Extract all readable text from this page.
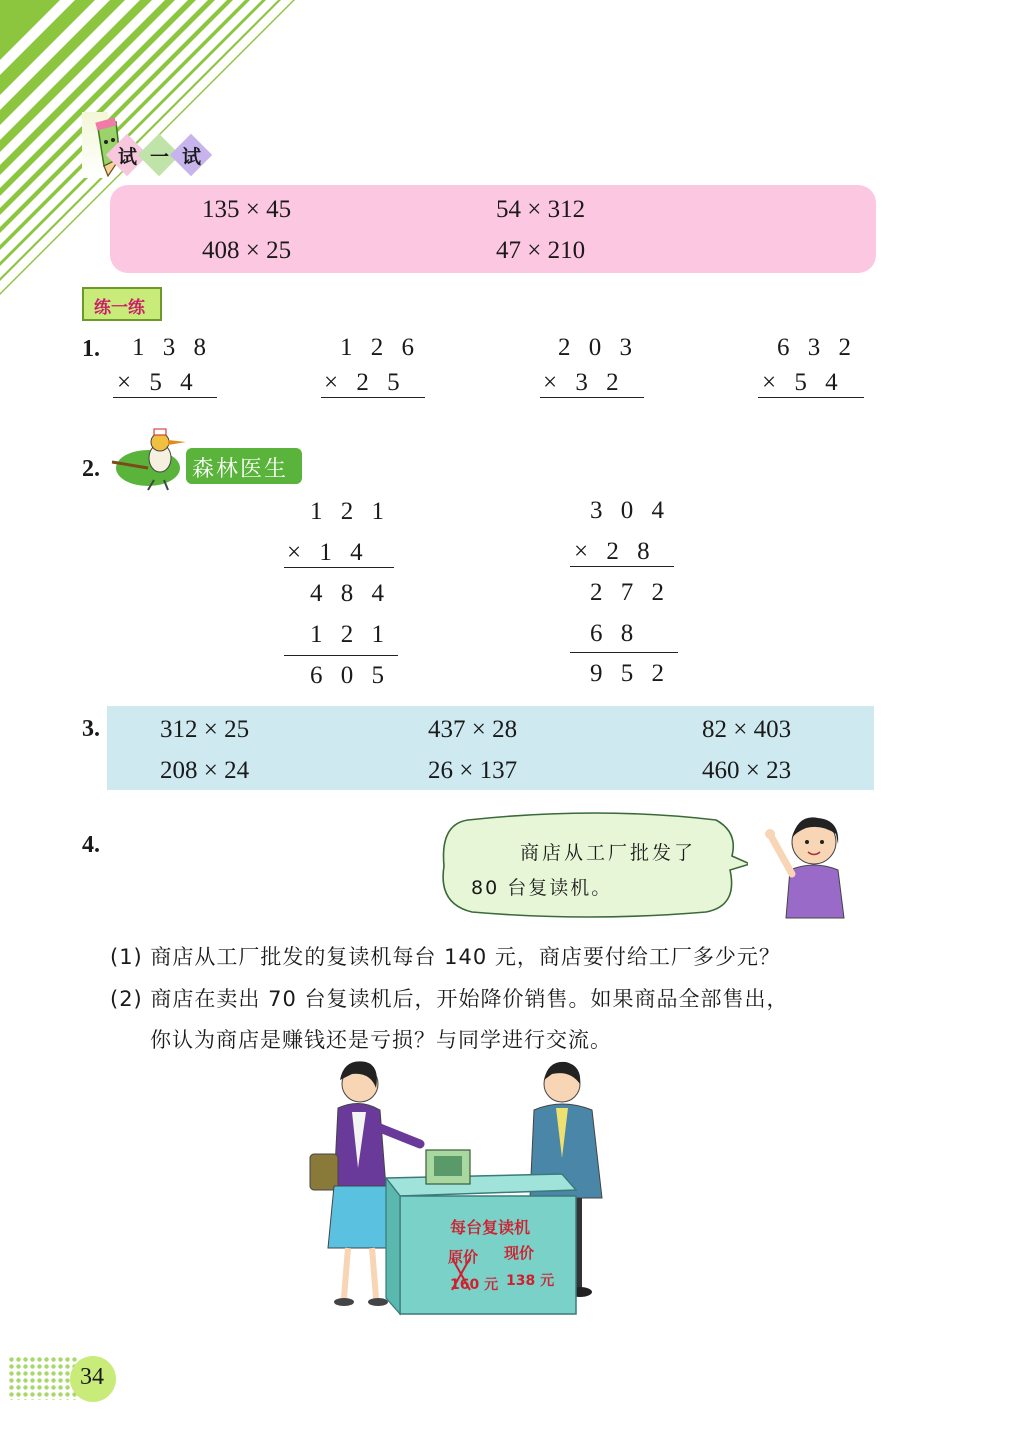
试 一 试
135 × 45	54 × 312
408 × 25	47 × 210
练一练
1. 1 3 8
× 5 4
1 2 6
× 2 5
2 0 3
× 3 2
6 3 2
× 5 4
2.	森林医生
1 2 1
× 1 4
4 8 4
1 2 1
6 0 5
3 0 4
× 2 8
2 7 2
6 8
9 5 2
3. 312 × 25	437 × 28	82 × 403
208 × 24	26 × 137	460 × 23
4.	商店从工厂批发了
80 台复读机。
(1) 商店从工厂批发的复读机每台 140 元，商店要付给工厂多少元？
(2) 商店在卖出 70 台复读机后，开始降价销售。如果商品全部售出，
你认为商店是赚钱还是亏损？与同学进行交流。
每台复读机
原价 现价
160 元 138 元
34
